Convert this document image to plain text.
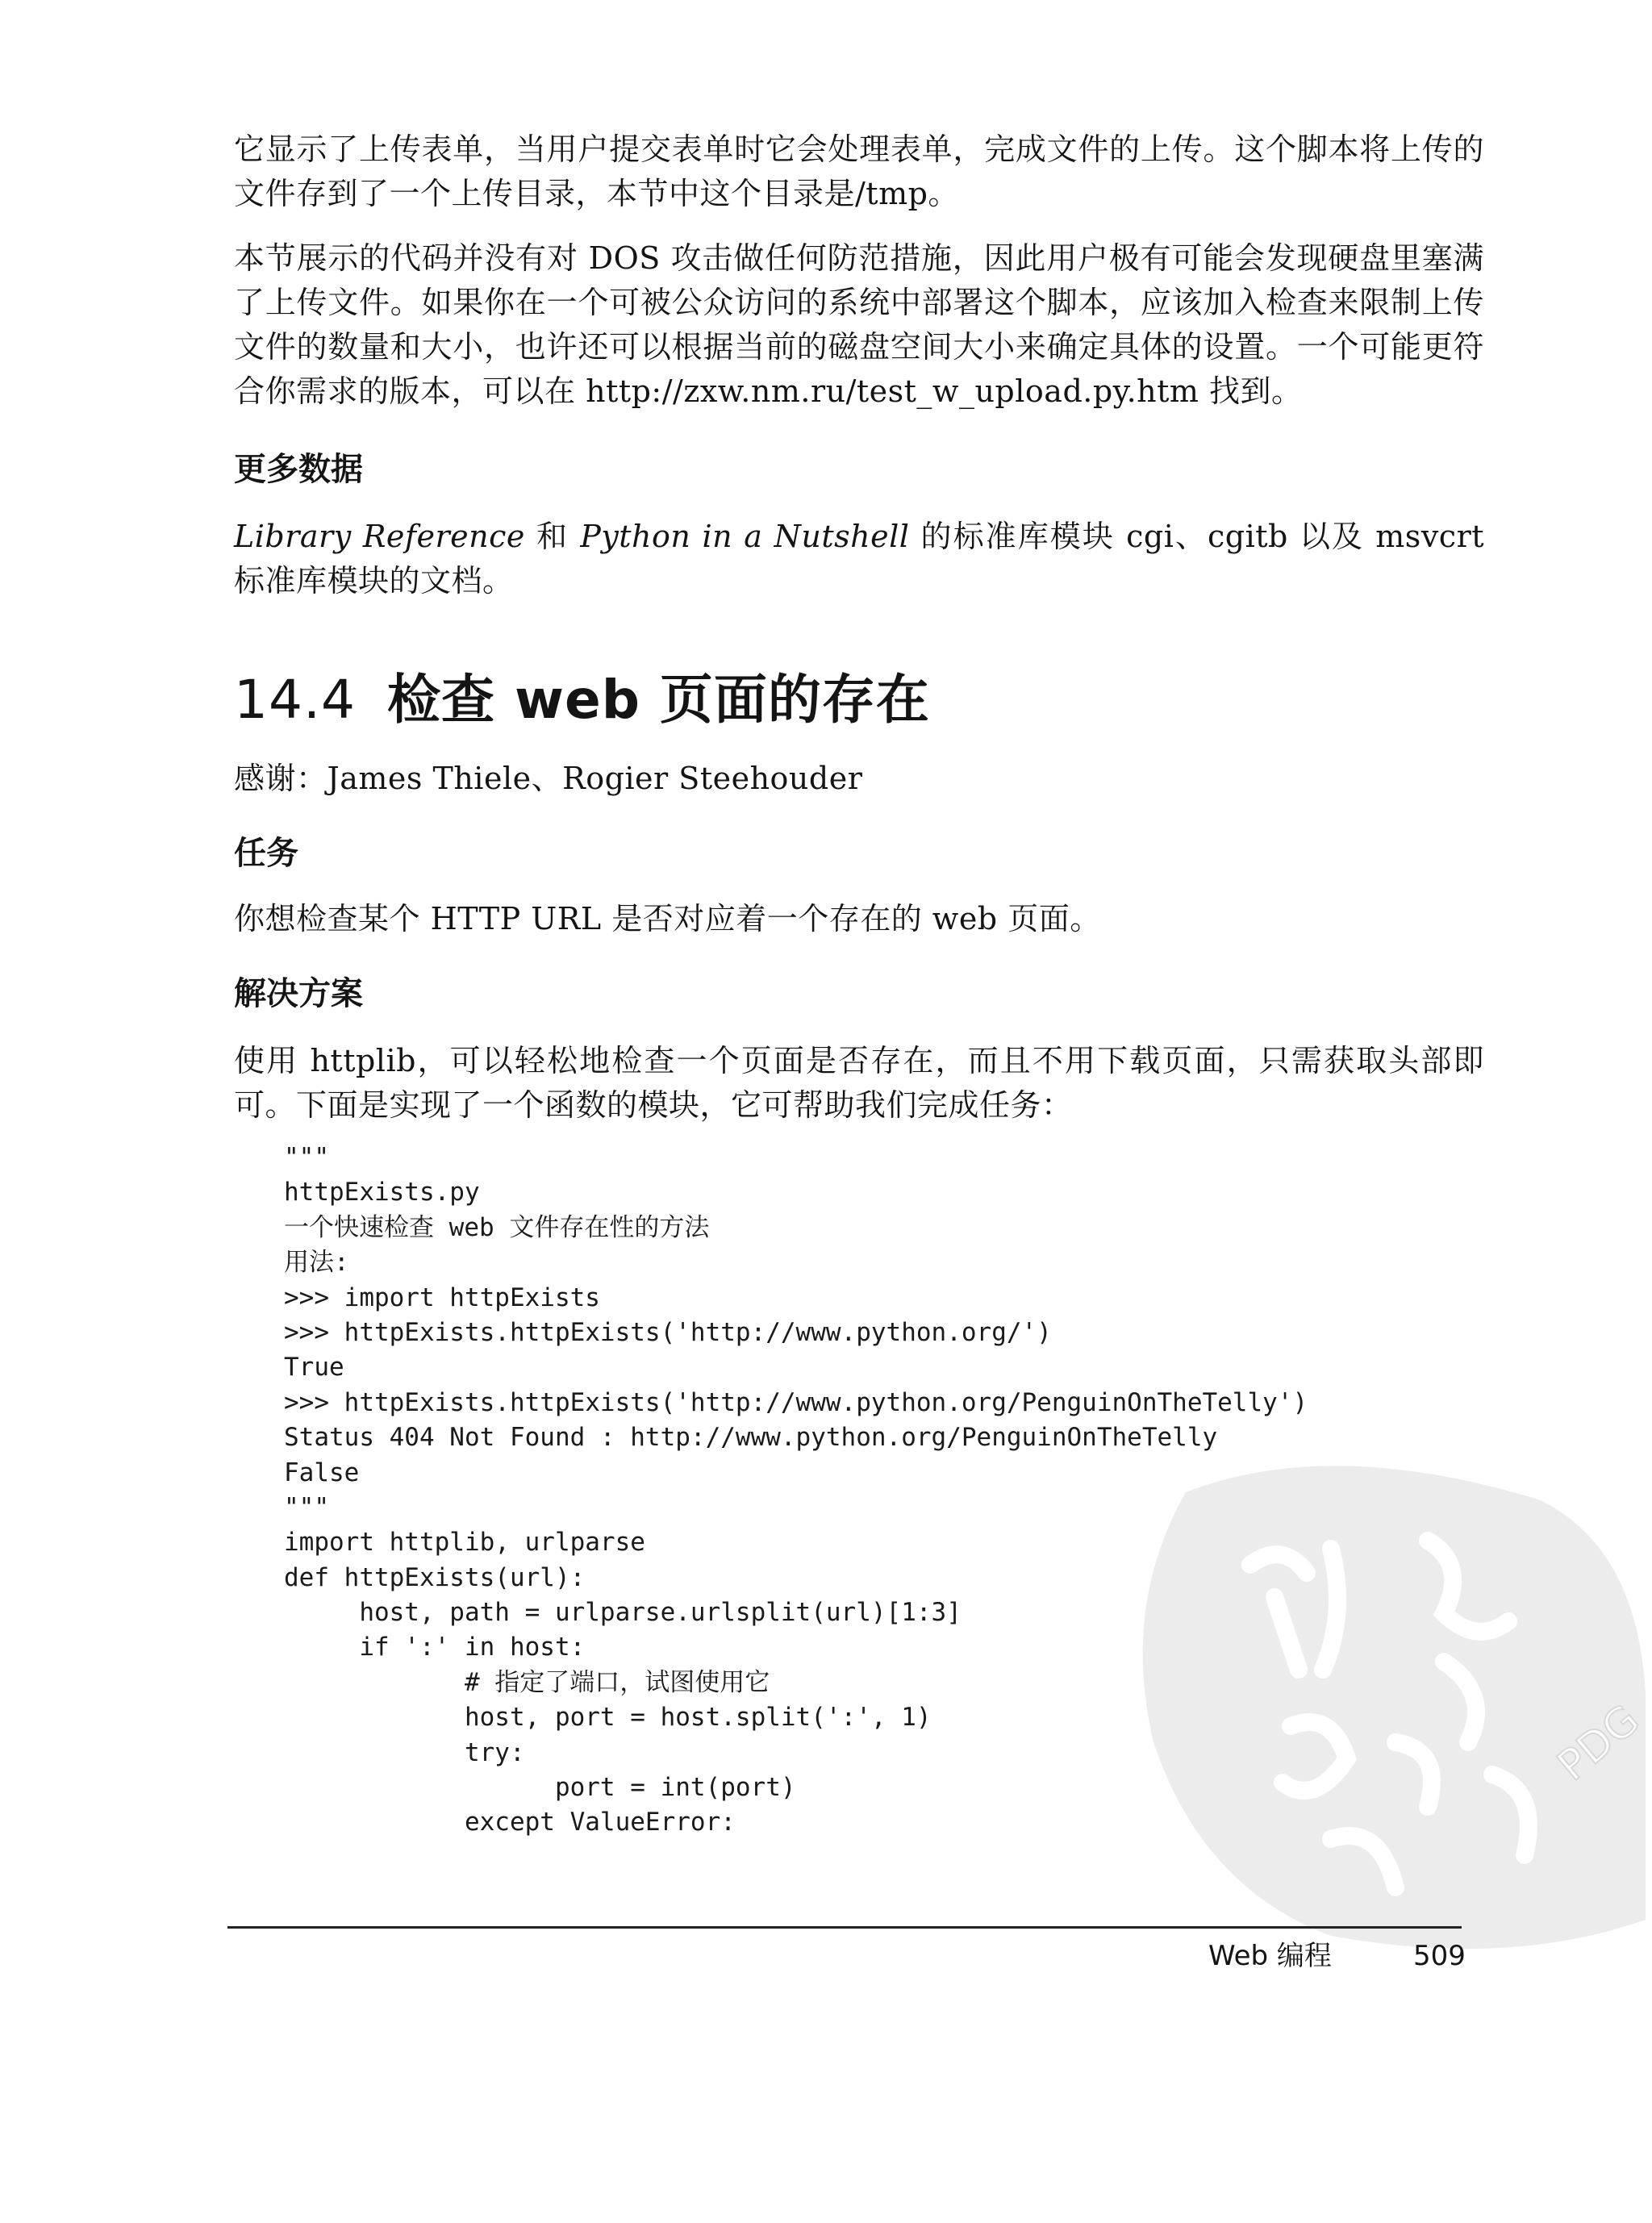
它显示了上传表单，当用户提交表单时它会处理表单，完成文件的上传。这个脚本将上传的文件存到了一个上传目录，本节中这个目录是/tmp。

本节展示的代码并没有对 DOS 攻击做任何防范措施，因此用户极有可能会发现硬盘里塞满了上传文件。如果你在一个可被公众访问的系统中部署这个脚本，应该加入检查来限制上传文件的数量和大小，也许还可以根据当前的磁盘空间大小来确定具体的设置。一个可能更符合你需求的版本，可以在 http://zxw.nm.ru/test_w_upload.py.htm 找到。

更多数据

Library Reference 和 Python in a Nutshell 的标准库模块 cgi、cgitb 以及 msvcrt 标准库模块的文档。

14.4 检查 web 页面的存在

感谢：James Thiele、Rogier Steehouder

任务

你想检查某个 HTTP URL 是否对应着一个存在的 web 页面。

解决方案

使用 httplib，可以轻松地检查一个页面是否存在，而且不用下载页面，只需获取头部即可。下面是实现了一个函数的模块，它可帮助我们完成任务：

"""
httpExists.py
一个快速检查 web 文件存在性的方法
用法:
>>> import httpExists
>>> httpExists.httpExists('http://www.python.org/')
True
>>> httpExists.httpExists('http://www.python.org/PenguinOnTheTelly')
Status 404 Not Found : http://www.python.org/PenguinOnTheTelly
False
"""
import httplib, urlparse
def httpExists(url):
host, path = urlparse.urlsplit(url)[1:3]
if ':' in host:
# 指定了端口，试图使用它
host, port = host.split(':', 1)
try:
port = int(port)
except ValueError:
PDG
Web 编程	509
